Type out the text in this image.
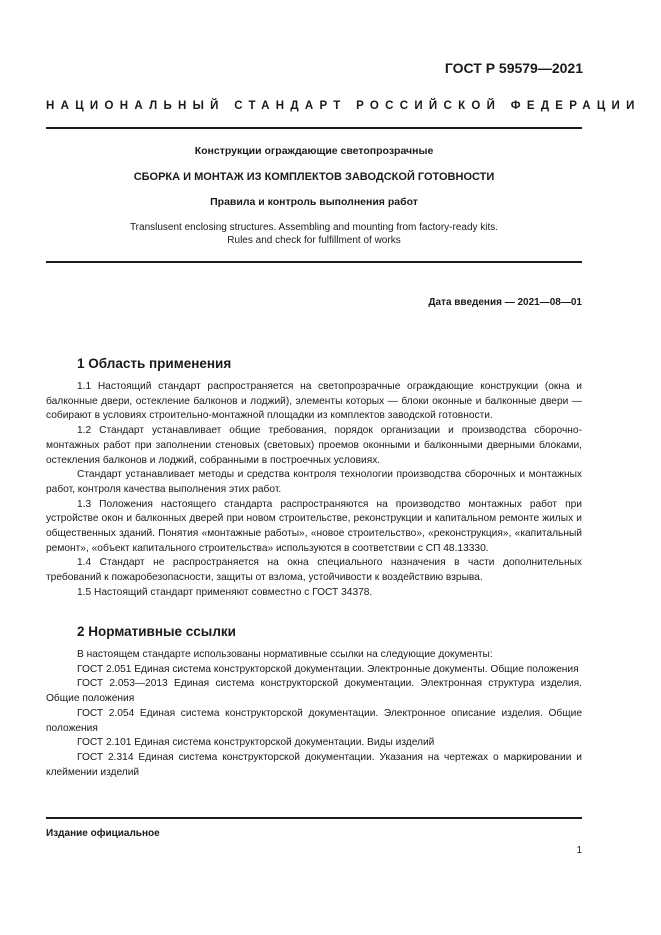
ГОСТ Р 59579—2021
НАЦИОНАЛЬНЫЙ СТАНДАРТ РОССИЙСКОЙ ФЕДЕРАЦИИ
Конструкции ограждающие светопрозрачные
СБОРКА И МОНТАЖ ИЗ КОМПЛЕКТОВ ЗАВОДСКОЙ ГОТОВНОСТИ
Правила и контроль выполнения работ
Translusent enclosing structures. Assembling and mounting from factory-ready kits.
Rules and check for fulfillment of works
Дата введения — 2021—08—01
1 Область применения

1.1 Настоящий стандарт распространяется на светопрозрачные ограждающие конструкции (окна и балконные двери, остекление балконов и лоджий), элементы которых — блоки оконные и балконные двери — собирают в условиях строительно-монтажной площадки из комплектов заводской готовности.

1.2 Стандарт устанавливает общие требования, порядок организации и производства сборочно-монтажных работ при заполнении стеновых (световых) проемов оконными и балконными дверными блоками, остекления балконов и лоджий, собранными в построечных условиях.

Стандарт устанавливает методы и средства контроля технологии производства сборочных и монтажных работ, контроля качества выполнения этих работ.

1.3 Положения настоящего стандарта распространяются на производство монтажных работ при устройстве окон и балконных дверей при новом строительстве, реконструкции и капитальном ремонте жилых и общественных зданий. Понятия «монтажные работы», «новое строительство», «реконструкция», «капитальный ремонт», «объект капитального строительства» используются в соответствии с СП 48.13330.

1.4 Стандарт не распространяется на окна специального назначения в части дополнительных требований к пожаробезопасности, защиты от взлома, устойчивости к воздействию взрыва.

1.5 Настоящий стандарт применяют совместно с ГОСТ 34378.

2 Нормативные ссылки

В настоящем стандарте использованы нормативные ссылки на следующие документы:

ГОСТ 2.051 Единая система конструкторской документации. Электронные документы. Общие положения

ГОСТ 2.053—2013 Единая система конструкторской документации. Электронная структура изделия. Общие положения

ГОСТ 2.054 Единая система конструкторской документации. Электронное описание изделия. Общие положения

ГОСТ 2.101 Единая система конструкторской документации. Виды изделий

ГОСТ 2.314 Единая система конструкторской документации. Указания на чертежах о маркировании и клеймении изделий

Издание официальное
1
